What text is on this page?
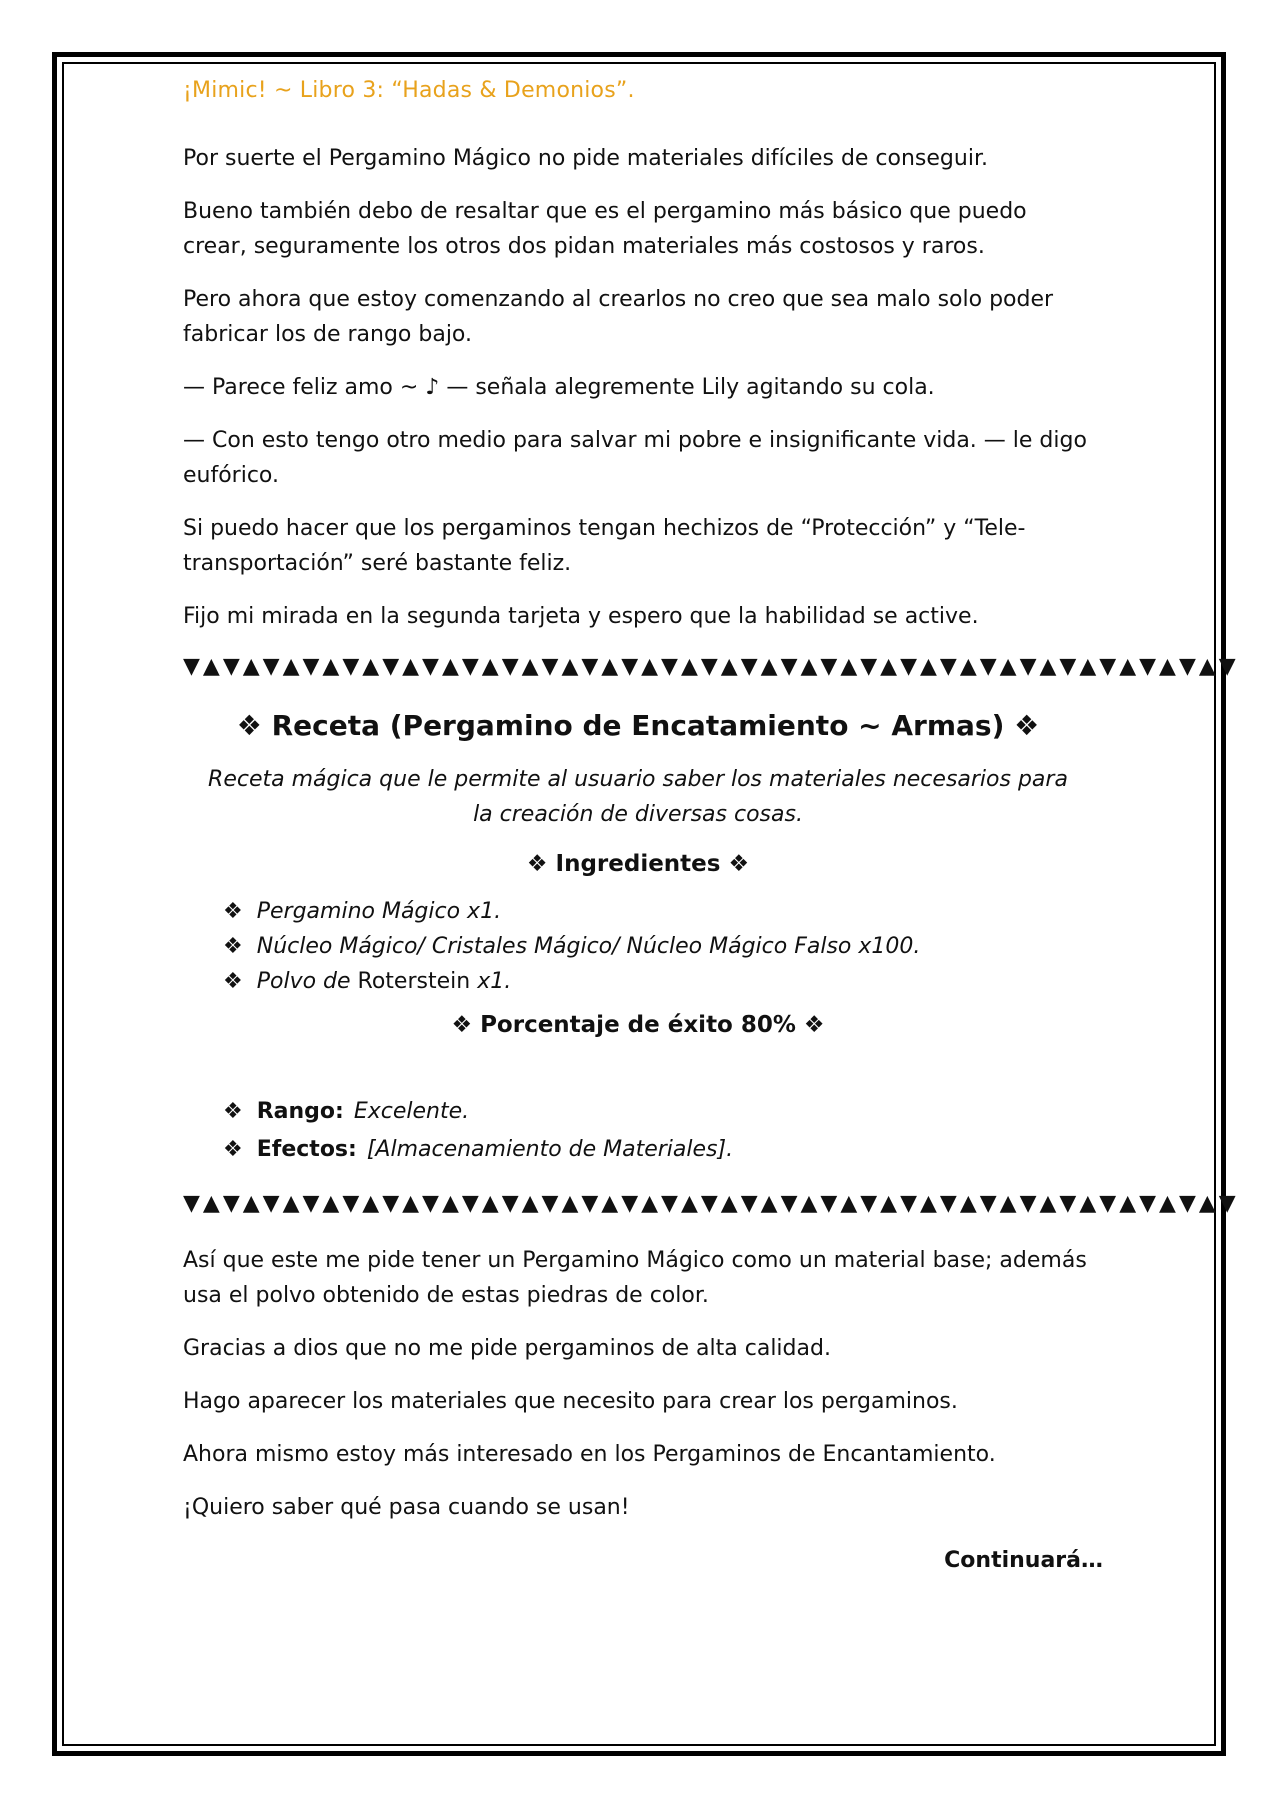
¡Mimic! ~ Libro 3: “Hadas & Demonios”.

Por suerte el Pergamino Mágico no pide materiales difíciles de conseguir.

Bueno también debo de resaltar que es el pergamino más básico que puedo crear, seguramente los otros dos pidan materiales más costosos y raros.

Pero ahora que estoy comenzando al crearlos no creo que sea malo solo poder fabricar los de rango bajo.

— Parece feliz amo ~ ♪ — señala alegremente Lily agitando su cola.

— Con esto tengo otro medio para salvar mi pobre e insignificante vida. — le digo eufórico.

Si puedo hacer que los pergaminos tengan hechizos de “Protección” y “Tele-transportación” seré bastante feliz.

Fijo mi mirada en la segunda tarjeta y espero que la habilidad se active.

▼▲▼▲▼▲▼▲▼▲▼▲▼▲▼▲▼▲▼▲▼▲▼▲▼▲▼▲▼▲▼▲▼▲▼▲▼▲▼▲▼▲▼▲▼▲▼▲▼▲▼▲▼
❖ Receta (Pergamino de Encatamiento ~ Armas) ❖
Receta mágica que le permite al usuario saber los materiales necesarios para la creación de diversas cosas.
❖ Ingredientes ❖
❖ Pergamino Mágico x1.
❖ Núcleo Mágico/ Cristales Mágico/ Núcleo Mágico Falso x100.
❖ Polvo de Roterstein x1.
❖ Porcentaje de éxito 80% ❖
❖ Rango: Excelente.
❖ Efectos: [Almacenamiento de Materiales].
▼▲▼▲▼▲▼▲▼▲▼▲▼▲▼▲▼▲▼▲▼▲▼▲▼▲▼▲▼▲▼▲▼▲▼▲▼▲▼▲▼▲▼▲▼▲▼▲▼▲▼▲▼

Así que este me pide tener un Pergamino Mágico como un material base; además usa el polvo obtenido de estas piedras de color.

Gracias a dios que no me pide pergaminos de alta calidad.

Hago aparecer los materiales que necesito para crear los pergaminos.

Ahora mismo estoy más interesado en los Pergaminos de Encantamiento.

¡Quiero saber qué pasa cuando se usan!

Continuará…
